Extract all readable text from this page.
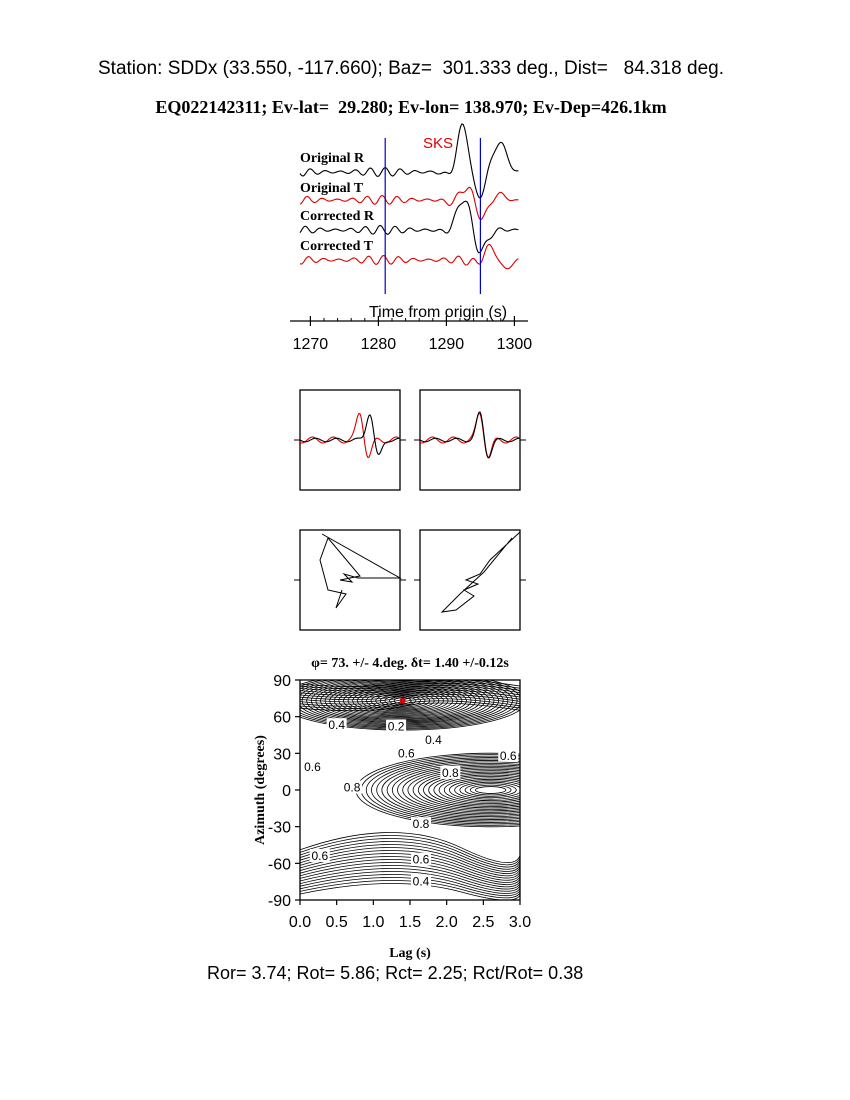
Station: SDDx (33.550, -117.660); Baz=  301.333 deg., Dist=   84.318 deg.
EQ022142311; Ev-lat=  29.280; Ev-lon= 138.970; Ev-Dep=426.1km
SKS
Original R
Original T
Corrected R
Corrected T
Time from origin (s)
1270 1280 1290 1300
φ= 73. +/- 4.deg. δt= 1.40 +/-0.12s
Lag (s)
Azimuth (degrees)
0.4	0.2
0.4
0.6
0.6
0.6
0.8
0.8
0.8
0.6	0.6
0.4
0.0 0.5 1.0 1.5 2.0 2.5 3.0
90
60
30
0
-30
-60
-90
Ror= 3.74; Rot= 5.86; Rct= 2.25; Rct/Rot= 0.38
